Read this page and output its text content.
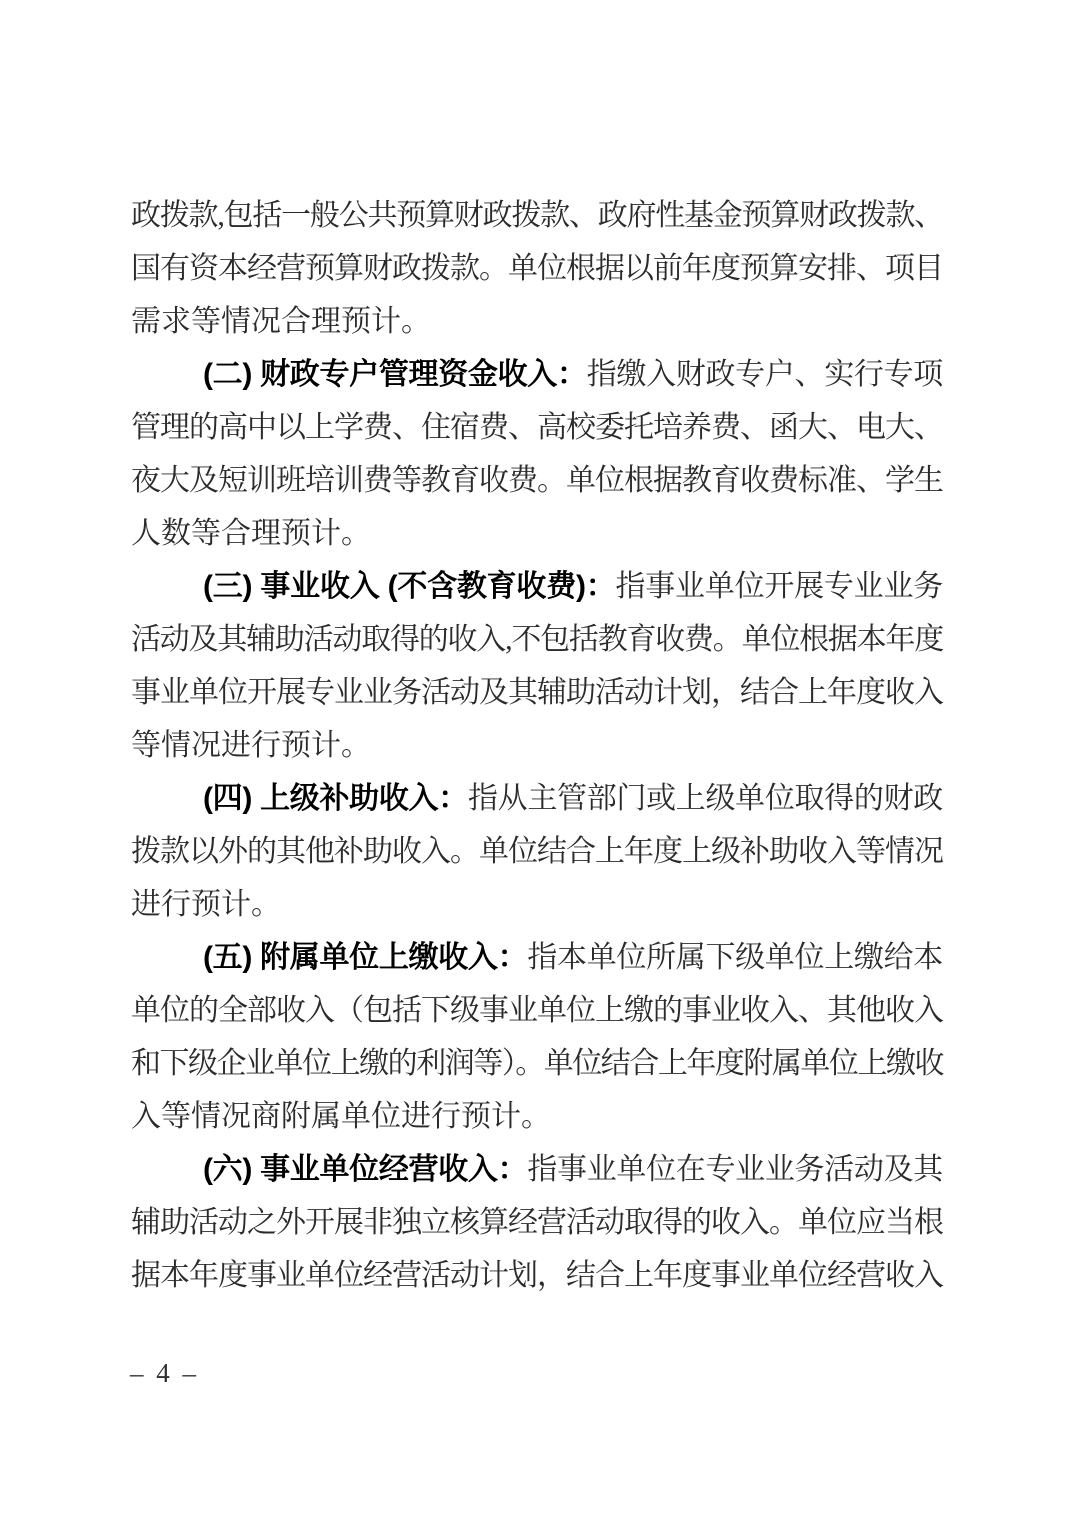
政拨款,包括一般公共预算财政拨款、政府性基金预算财政拨款、
国有资本经营预算财政拨款。单位根据以前年度预算安排、项目
需求等情况合理预计。
(二) 财政专户管理资金收入：指缴入财政专户、实行专项
管理的高中以上学费、住宿费、高校委托培养费、函大、电大、
夜大及短训班培训费等教育收费。单位根据教育收费标准、学生
人数等合理预计。
(三) 事业收入 (不含教育收费)：指事业单位开展专业业务
活动及其辅助活动取得的收入,不包括教育收费。单位根据本年度
事业单位开展专业业务活动及其辅助活动计划，结合上年度收入
等情况进行预计。
(四) 上级补助收入：指从主管部门或上级单位取得的财政
拨款以外的其他补助收入。单位结合上年度上级补助收入等情况
进行预计。
(五) 附属单位上缴收入：指本单位所属下级单位上缴给本
单位的全部收入（包括下级事业单位上缴的事业收入、其他收入
和下级企业单位上缴的利润等）。单位结合上年度附属单位上缴收
入等情况商附属单位进行预计。
(六) 事业单位经营收入：指事业单位在专业业务活动及其
辅助活动之外开展非独立核算经营活动取得的收入。单位应当根
据本年度事业单位经营活动计划，结合上年度事业单位经营收入
– 4 –
